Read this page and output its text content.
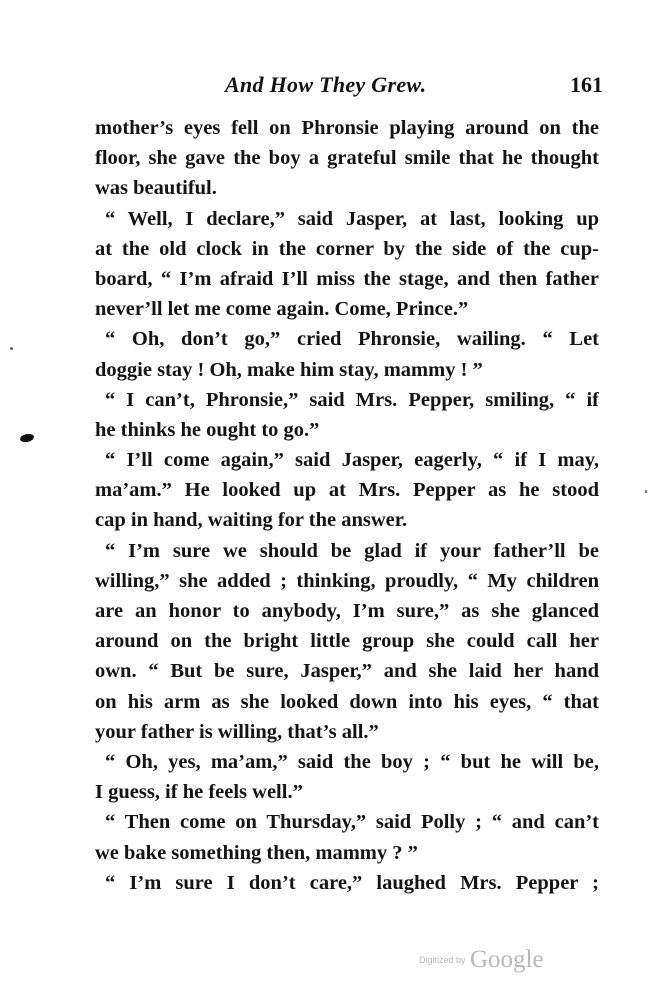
And How They Grew.	161
mother’s eyes fell on Phronsie playing around on the
floor, she gave the boy a grateful smile that he thought
was beautiful.
“ Well, I declare,” said Jasper, at last, looking up
at the old clock in the corner by the side of the cup-
board, “ I’m afraid I’ll miss the stage, and then father
never’ll let me come again. Come, Prince.”
“ Oh, don’t go,” cried Phronsie, wailing. “ Let
doggie stay ! Oh, make him stay, mammy ! ”
“ I can’t, Phronsie,” said Mrs. Pepper, smiling, “ if
he thinks he ought to go.”
“ I’ll come again,” said Jasper, eagerly, “ if I may,
ma’am.” He looked up at Mrs. Pepper as he stood
cap in hand, waiting for the answer.
“ I’m sure we should be glad if your father’ll be
willing,” she added ; thinking, proudly, “ My children
are an honor to anybody, I’m sure,” as she glanced
around on the bright little group she could call her
own. “ But be sure, Jasper,” and she laid her hand
on his arm as she looked down into his eyes, “ that
your father is willing, that’s all.”
“ Oh, yes, ma’am,” said the boy ; “ but he will be,
I guess, if he feels well.”
“ Then come on Thursday,” said Polly ; “ and can’t
we bake something then, mammy ? ”
“ I’m sure I don’t care,” laughed Mrs. Pepper ;
Digitized by Google
